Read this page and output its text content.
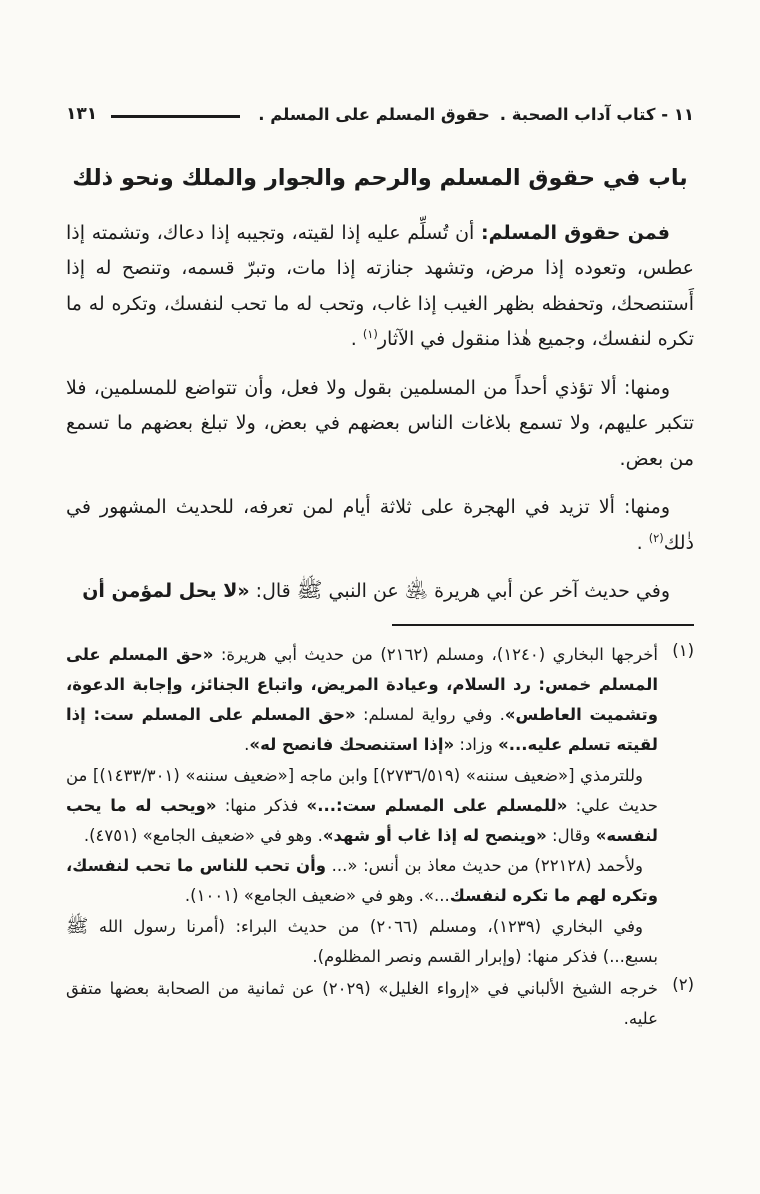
١١ - كتاب آداب الصحبة .
حقوق المسلم على المسلم .
١٣١
باب في حقوق المسلم والرحم والجوار والملك ونحو ذلك

فمن حقوق المسلم: أن تُسلِّم عليه إذا لقيته، وتجيبه إذا دعاك، وتشمته إذا عطس، وتعوده إذا مرض، وتشهد جنازته إذا مات، وتبرّ قسمه، وتنصح له إذا أَستنصحك، وتحفظه بظهر الغيب إذا غاب، وتحب له ما تحب لنفسك، وتكره له ما تكره لنفسك، وجميع هٰذا منقول في الآثار$^{(١)}$ .

ومنها: ألا تؤذي أحداً من المسلمين بقول ولا فعل، وأن تتواضع للمسلمين، فلا تتكبر عليهم، ولا تسمع بلاغات الناس بعضهم في بعض، ولا تبلغ بعضهم ما تسمع من بعض.

ومنها: ألا تزيد في الهجرة على ثلاثة أيام لمن تعرفه، للحديث المشهور في ذٰلك$^{(٢)}$ .

وفي حديث آخر عن أبي هريرة ﵁ عن النبي ﷺ قال: «لا يحل لمؤمن أن

(١)

أخرجها البخاري (١٢٤٠)، ومسلم (٢١٦٢) من حديث أبي هريرة: «حق المسلم على المسلم خمس: رد السلام، وعيادة المريض، واتباع الجنائز، وإجابة الدعوة، وتشميت العاطس». وفي رواية لمسلم: «حق المسلم على المسلم ست: إذا لقيته تسلم عليه...» وزاد: «إذا استنصحك فانصح له».

وللترمذي [«ضعيف سننه» (٢٧٣٦/٥١٩)] وابن ماجه [«ضعيف سننه» (١٤٣٣/٣٠١)] من حديث علي: «للمسلم على المسلم ست:...» فذكر منها: «ويحب له ما يحب لنفسه» وقال: «وينصح له إذا غاب أو شهد». وهو في «ضعيف الجامع» (٤٧٥١).

ولأحمد (٢٢١٢٨) من حديث معاذ بن أنس: «... وأن تحب للناس ما تحب لنفسك، وتكره لهم ما تكره لنفسك...». وهو في «ضعيف الجامع» (١٠٠١).

وفي البخاري (١٢٣٩)، ومسلم (٢٠٦٦) من حديث البراء: (أمرنا رسول الله ﷺ بسبع...) فذكر منها: (وإبرار القسم ونصر المظلوم).

(٢)

خرجه الشيخ الألباني في «إرواء الغليل» (٢٠٢٩) عن ثمانية من الصحابة بعضها متفق عليه.
